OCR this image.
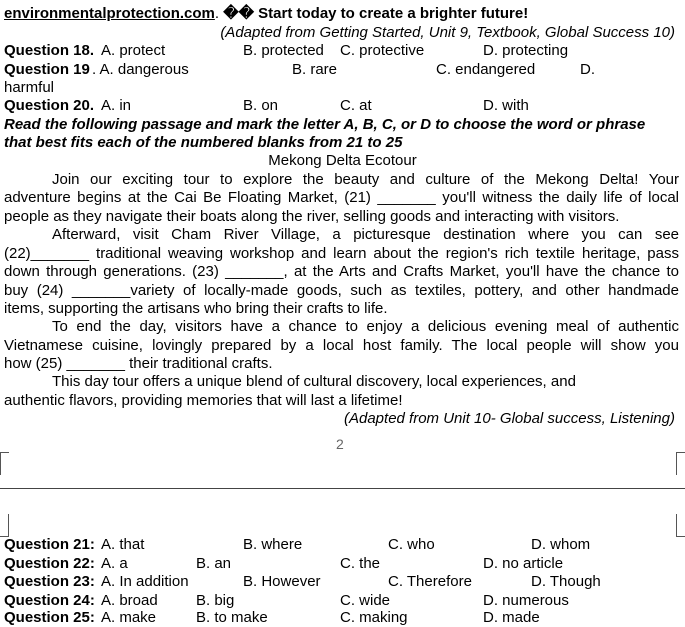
environmentalprotection.com. �� Start today to create a brighter future!
(Adapted from Getting Started, Unit 9, Textbook, Global Success 10)
Question 18. A. protect	B. protected C. protective	D. protecting
Question 19 . A. dangerous	B. rare	C. endangered	D.
harmful
Question 20. A. in	B. on	C. at	D. with
Read the following passage and mark the letter A, B, C, or D to choose the word or phrase
that best fits each of the numbered blanks from 21 to 25
Mekong Delta Ecotour
Join our exciting tour to explore the beauty and culture of the Mekong Delta! Your
adventure begins at the Cai Be Floating Market, (21) _______ you'll witness the daily life of local
people as they navigate their boats along the river, selling goods and interacting with visitors.
Afterward, visit Cham River Village, a picturesque destination where you can see
(22)_______ traditional weaving workshop and learn about the region's rich textile heritage, pass
down through generations. (23) _______, at the Arts and Crafts Market, you'll have the chance to
buy (24) _______variety of locally-made goods, such as textiles, pottery, and other handmade
items, supporting the artisans who bring their crafts to life.
To end the day, visitors have a chance to enjoy a delicious evening meal of authentic
Vietnamese cuisine, lovingly prepared by a local host family. The local people will show you
how (25) _______ their traditional crafts.
This day tour offers a unique blend of cultural discovery, local experiences, and
authentic flavors, providing memories that will last a lifetime!
(Adapted from Unit 10- Global success, Listening)
2
Question 21: A. that	B. where	C. who	D. whom
Question 22: A. a	B. an	C. the	D. no article
Question 23: A. In addition	B. However	C. Therefore	D. Though
Question 24: A. broad	B. big	C. wide	D. numerous
Question 25: A. make	B. to make	C. making	D. made
